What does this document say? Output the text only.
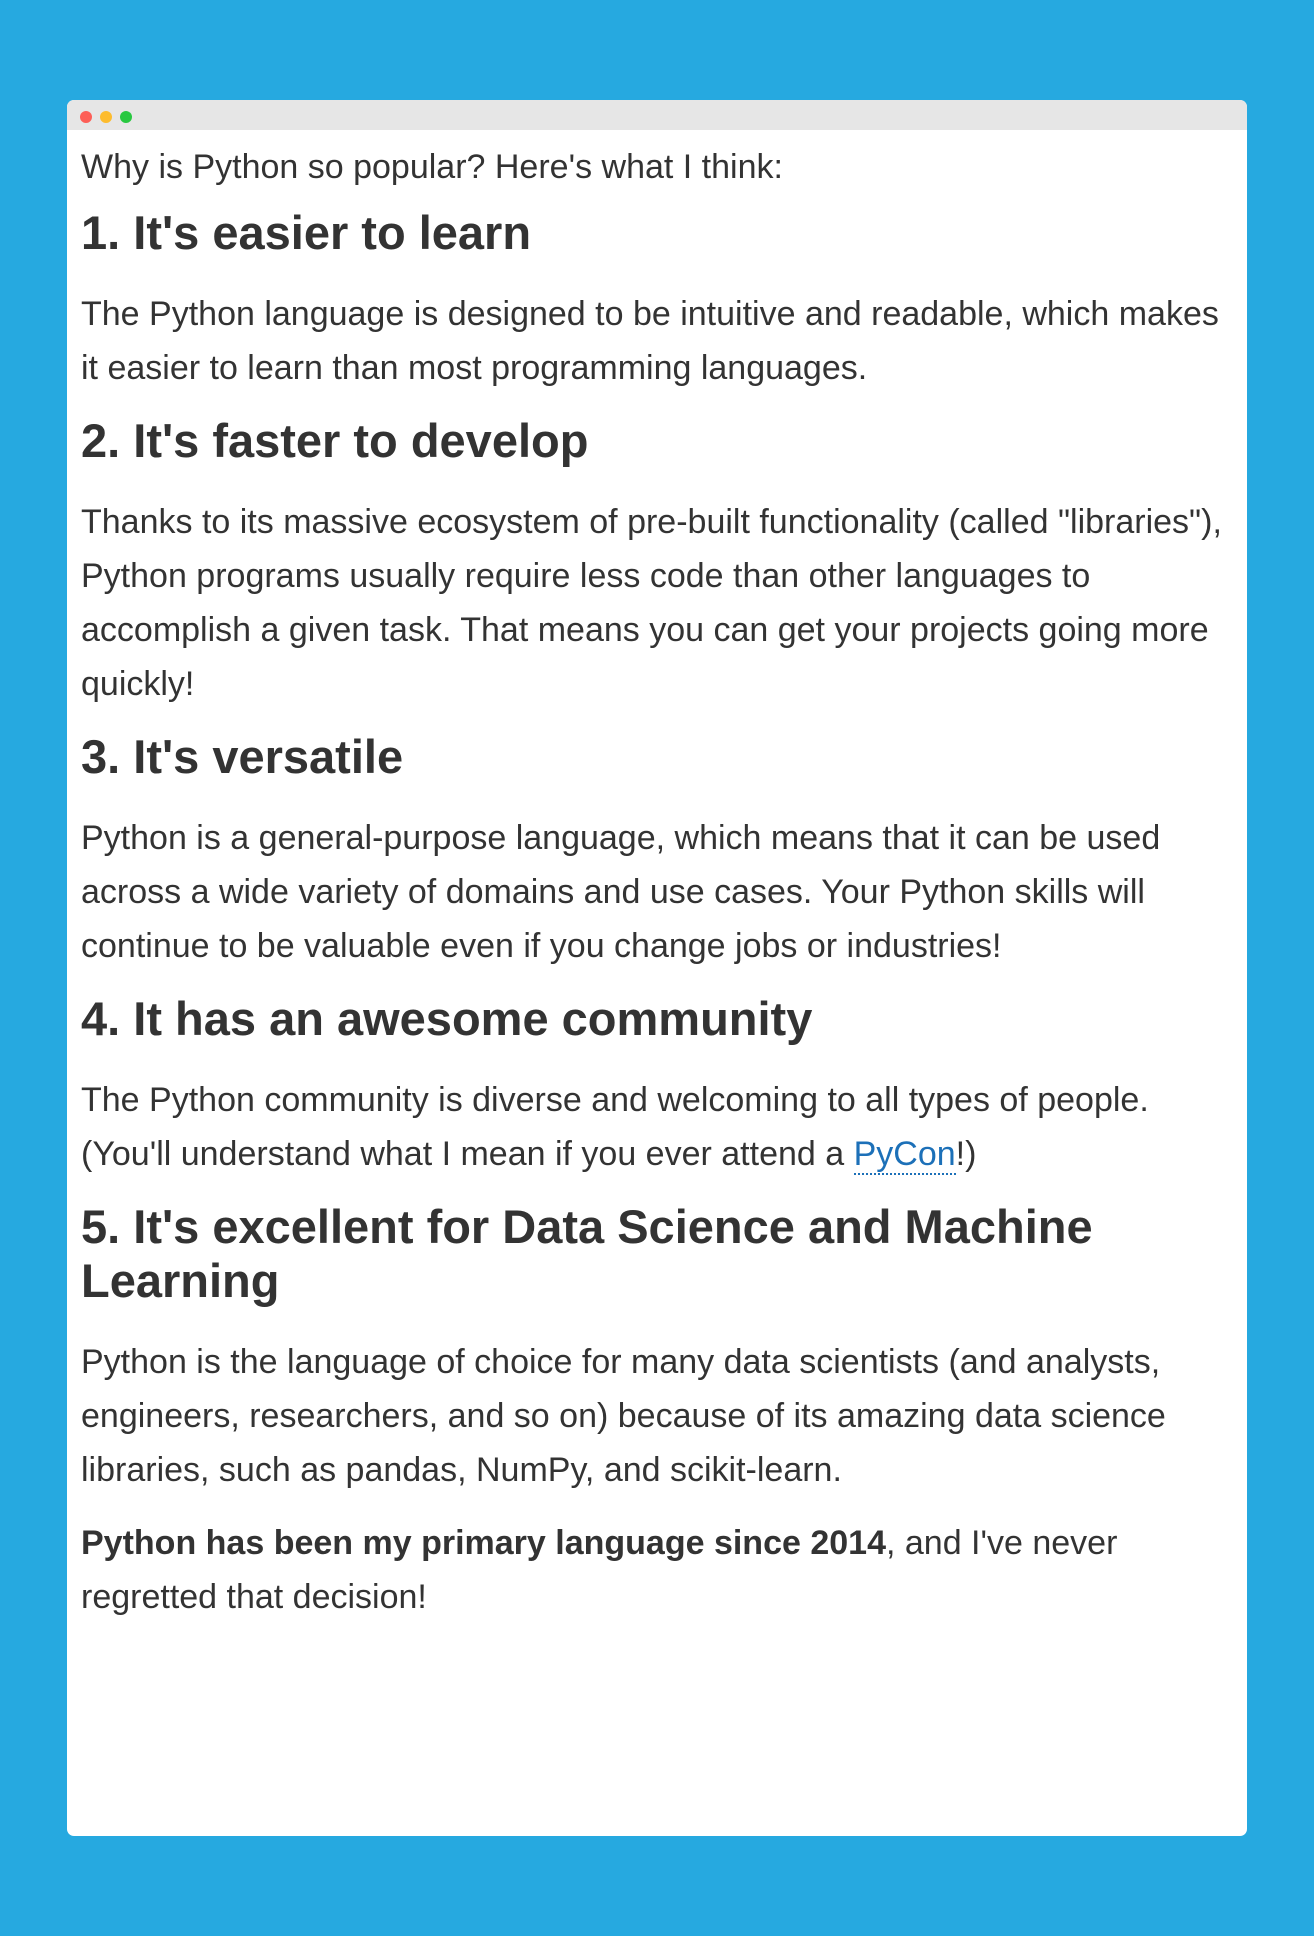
Why is Python so popular? Here's what I think:

1. It's easier to learn

The Python language is designed to be intuitive and readable, which makes it easier to learn than most programming languages.

2. It's faster to develop

Thanks to its massive ecosystem of pre-built functionality (called "libraries"), Python programs usually require less code than other languages to accomplish a given task. That means you can get your projects going more quickly!

3. It's versatile

Python is a general-purpose language, which means that it can be used across a wide variety of domains and use cases. Your Python skills will continue to be valuable even if you change jobs or industries!

4. It has an awesome community

The Python community is diverse and welcoming to all types of people. (You'll understand what I mean if you ever attend a PyCon!)

5. It's excellent for Data Science and Machine Learning

Python is the language of choice for many data scientists (and analysts, engineers, researchers, and so on) because of its amazing data science libraries, such as pandas, NumPy, and scikit-learn.

Python has been my primary language since 2014, and I've never regretted that decision!
